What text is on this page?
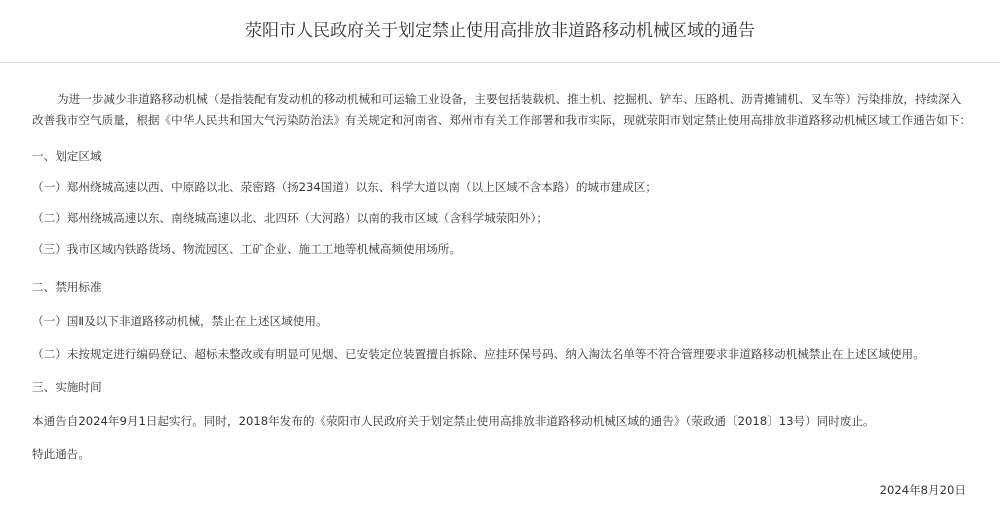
荥阳市人民政府关于划定禁止使用高排放非道路移动机械区域的通告
为进一步减少非道路移动机械（是指装配有发动机的移动机械和可运输工业设备，主要包括装载机、推土机、挖掘机、铲车、压路机、沥青摊铺机、叉车等）污染排放，持续深入改善我市空气质量，根据《中华人民共和国大气污染防治法》有关规定和河南省、郑州市有关工作部署和我市实际，现就荥阳市划定禁止使用高排放非道路移动机械区域工作通告如下：
一、划定区域
（一）郑州绕城高速以西、中原路以北、荥密路（扬234国道）以东、科学大道以南（以上区域不含本路）的城市建成区；
（二）郑州绕城高速以东、南绕城高速以北、北四环（大河路）以南的我市区域（含科学城荥阳外）；
（三）我市区域内铁路货场、物流园区、工矿企业、施工工地等机械高频使用场所。
二、禁用标准
（一）国Ⅱ及以下非道路移动机械，禁止在上述区域使用。
（二）未按规定进行编码登记、超标未整改或有明显可见烟、已安装定位装置擅自拆除、应挂环保号码、纳入淘汰名单等不符合管理要求非道路移动机械禁止在上述区域使用。
三、实施时间
本通告自2024年9月1日起实行。同时，2018年发布的《荥阳市人民政府关于划定禁止使用高排放非道路移动机械区域的通告》（荥政通〔2018〕13号）同时废止。
特此通告。
2024年8月20日
